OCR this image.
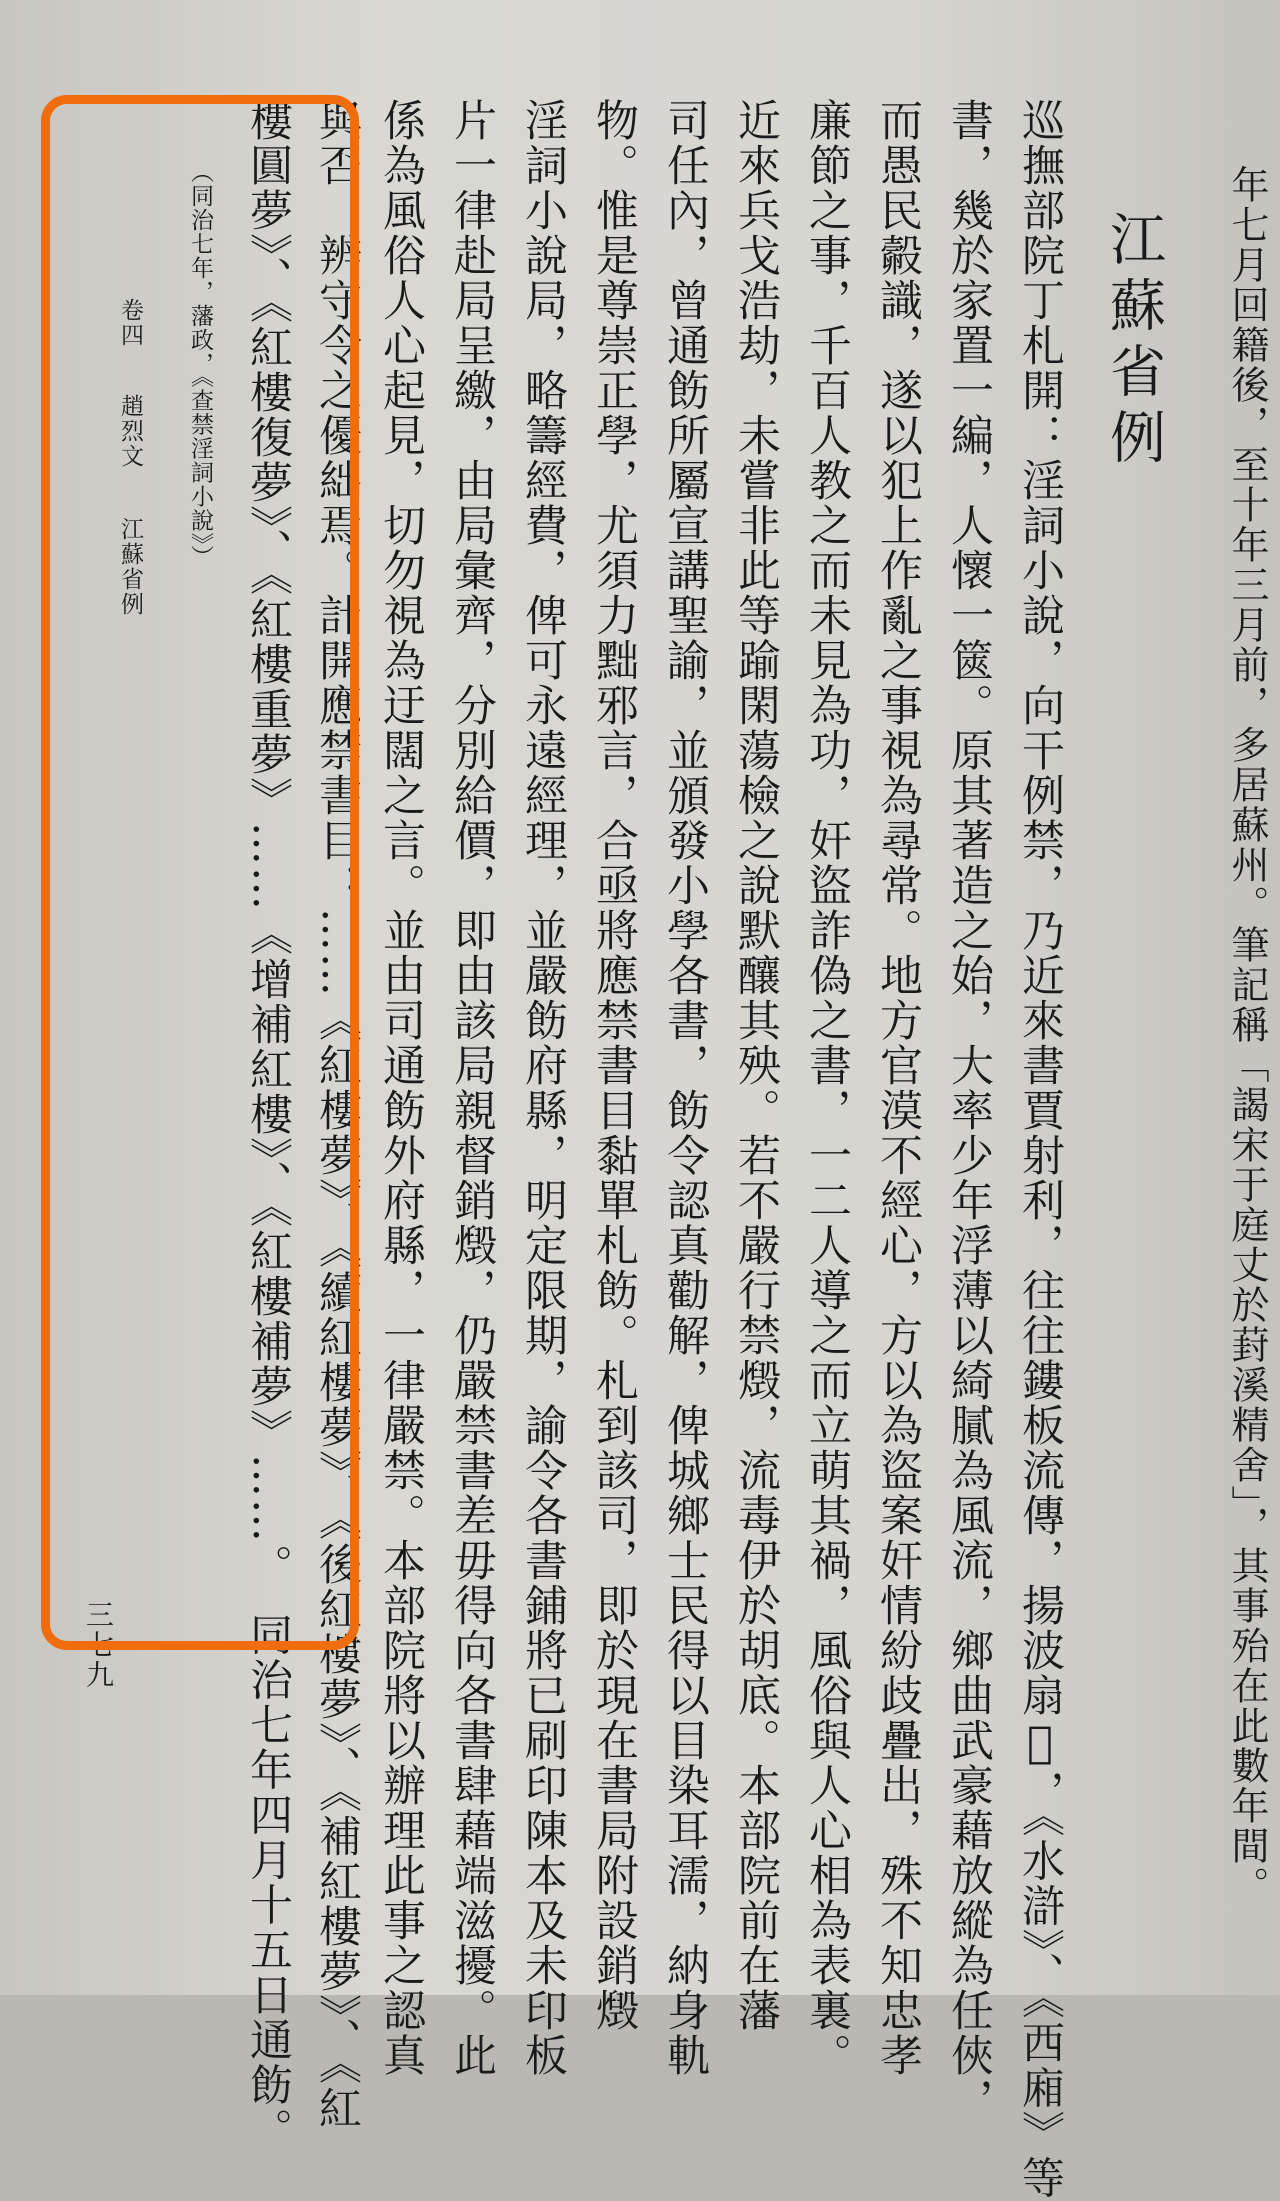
年七月回籍後，至十年三月前，多居蘇州。筆記稱「謁宋于庭丈於葑溪精舍」，其事殆在此數年間。
江蘇省例
巡撫部院丁札開：淫詞小說，向干例禁，乃近來書賈射利，往往鏤板流傳，揚波扇𦕅，《水滸》、《西廂》等
書，幾於家置一編，人懷一篋。原其著造之始，大率少年浮薄以綺膩為風流，鄉曲武豪藉放縱為任俠，
而愚民㲉識，遂以犯上作亂之事視為尋常。地方官漠不經心，方以為盜案奸情紛歧疊出，殊不知忠孝
廉節之事，千百人教之而未見為功，奸盜詐偽之書，一二人導之而立萌其禍，風俗與人心相為表裏。
近來兵戈浩劫，未嘗非此等踰閑蕩檢之說默釀其殃。若不嚴行禁燬，流毒伊於胡底。本部院前在藩
司任內，曾通飭所屬宣講聖諭，並頒發小學各書，飭令認真勸解，俾城鄉士民得以目染耳濡，納身軌
物。惟是尊崇正學，尤須力黜邪言，合亟將應禁書目黏單札飭。札到該司，即於現在書局附設銷燬
淫詞小說局，略籌經費，俾可永遠經理，並嚴飭府縣，明定限期，諭令各書鋪將已刷印陳本及未印板
片一律赴局呈繳，由局彙齊，分別給價，即由該局親督銷燬，仍嚴禁書差毋得向各書肆藉端滋擾。此
係為風俗人心起見，切勿視為迂闊之言。並由司通飭外府縣，一律嚴禁。本部院將以辦理此事之認真
與否，辨守令之優絀焉。計開應禁書目：……《紅樓夢》、《續紅樓夢》、《後紅樓夢》、《補紅樓夢》、《紅
樓圓夢》、《紅樓復夢》、《紅樓重夢》……《增補紅樓》、《紅樓補夢》……。　同治七年四月十五日通飭。
（同治七年，藩政，《查禁淫詞小說》）
卷四趙烈文江蘇省例
三七九
